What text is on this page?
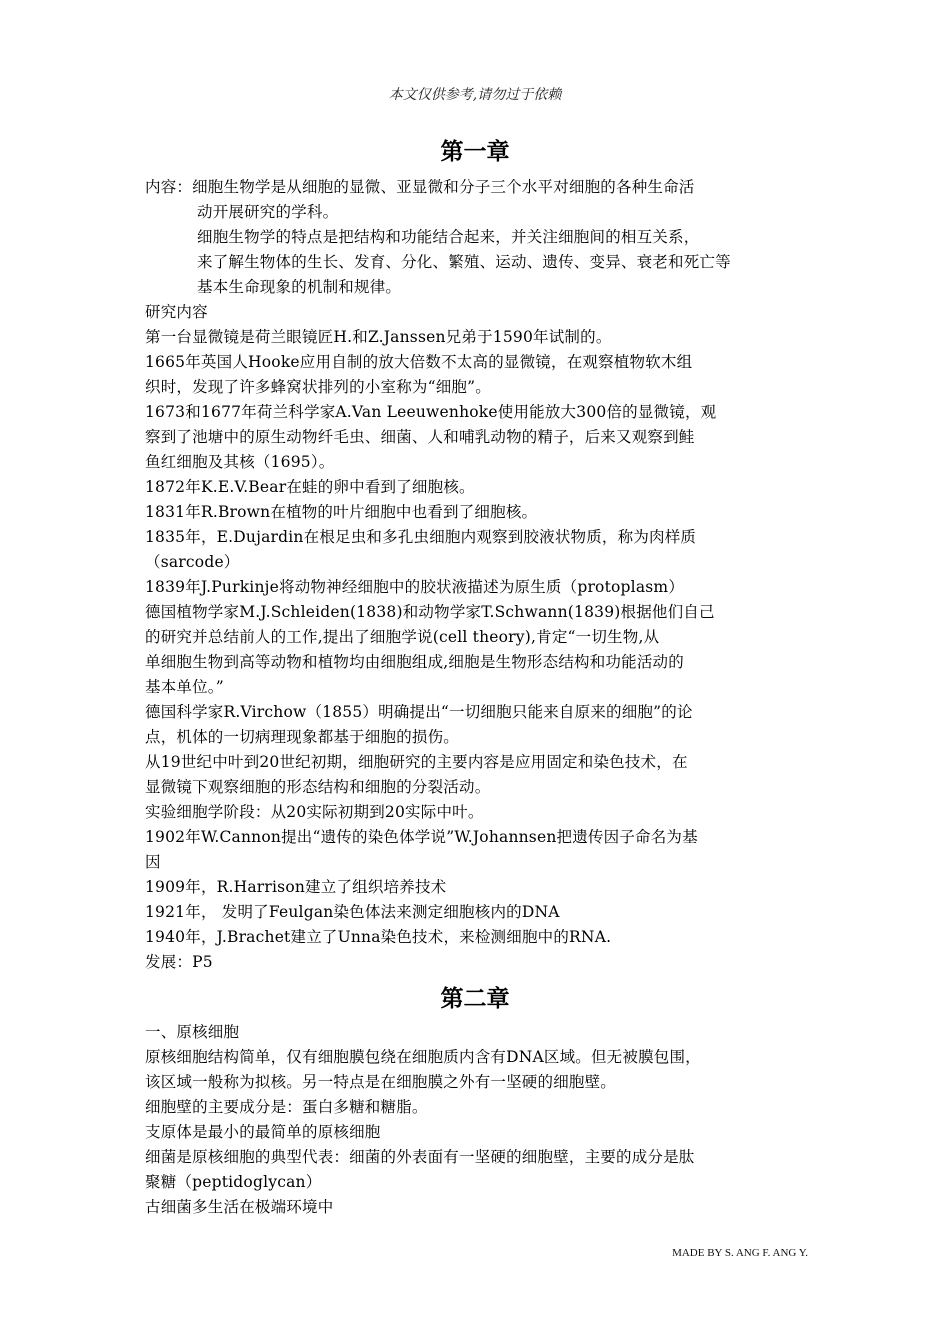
本文仅供参考,请勿过于依赖
第一章

内容：细胞生物学是从细胞的显微、亚显微和分子三个水平对细胞的各种生命活

动开展研究的学科。

细胞生物学的特点是把结构和功能结合起来，并关注细胞间的相互关系，

来了解生物体的生长、发育、分化、繁殖、运动、遗传、变异、衰老和死亡等

基本生命现象的机制和规律。

研究内容

第一台显微镜是荷兰眼镜匠H.和Z.Janssen兄弟于1590年试制的。

1665年英国人Hooke应用自制的放大倍数不太高的显微镜，在观察植物软木组

织时，发现了许多蜂窝状排列的小室称为“细胞”。

1673和1677年荷兰科学家A.Van Leeuwenhoke使用能放大300倍的显微镜，观

察到了池塘中的原生动物纤毛虫、细菌、人和哺乳动物的精子，后来又观察到鲑

鱼红细胞及其核（1695）。

1872年K.E.V.Bear在蛙的卵中看到了细胞核。

1831年R.Brown在植物的叶片细胞中也看到了细胞核。

1835年，E.Dujardin在根足虫和多孔虫细胞内观察到胶液状物质，称为肉样质

（sarcode）

1839年J.Purkinje将动物神经细胞中的胶状液描述为原生质（protoplasm）

德国植物学家M.J.Schleiden(1838)和动物学家T.Schwann(1839)根据他们自己

的研究并总结前人的工作,提出了细胞学说(cell theory),肯定“一切生物,从

单细胞生物到高等动物和植物均由细胞组成,细胞是生物形态结构和功能活动的

基本单位。”

德国科学家R.Virchow（1855）明确提出“一切细胞只能来自原来的细胞”的论

点，机体的一切病理现象都基于细胞的损伤。

从19世纪中叶到20世纪初期，细胞研究的主要内容是应用固定和染色技术，在

显微镜下观察细胞的形态结构和细胞的分裂活动。

实验细胞学阶段：从20实际初期到20实际中叶。

1902年W.Cannon提出“遗传的染色体学说”W.Johannsen把遗传因子命名为基

因

1909年，R.Harrison建立了组织培养技术

1921年， 发明了Feulgan染色体法来测定细胞核内的DNA

1940年，J.Brachet建立了Unna染色技术，来检测细胞中的RNA.

发展：P5

第二章

一、原核细胞

原核细胞结构简单，仅有细胞膜包绕在细胞质内含有DNA区域。但无被膜包围，

该区域一般称为拟核。另一特点是在细胞膜之外有一坚硬的细胞壁。

细胞壁的主要成分是：蛋白多糖和糖脂。

支原体是最小的最简单的原核细胞

细菌是原核细胞的典型代表：细菌的外表面有一坚硬的细胞壁，主要的成分是肽

聚糖（peptidoglycan）

古细菌多生活在极端环境中

MADE BY S. ANG F. ANG Y.
